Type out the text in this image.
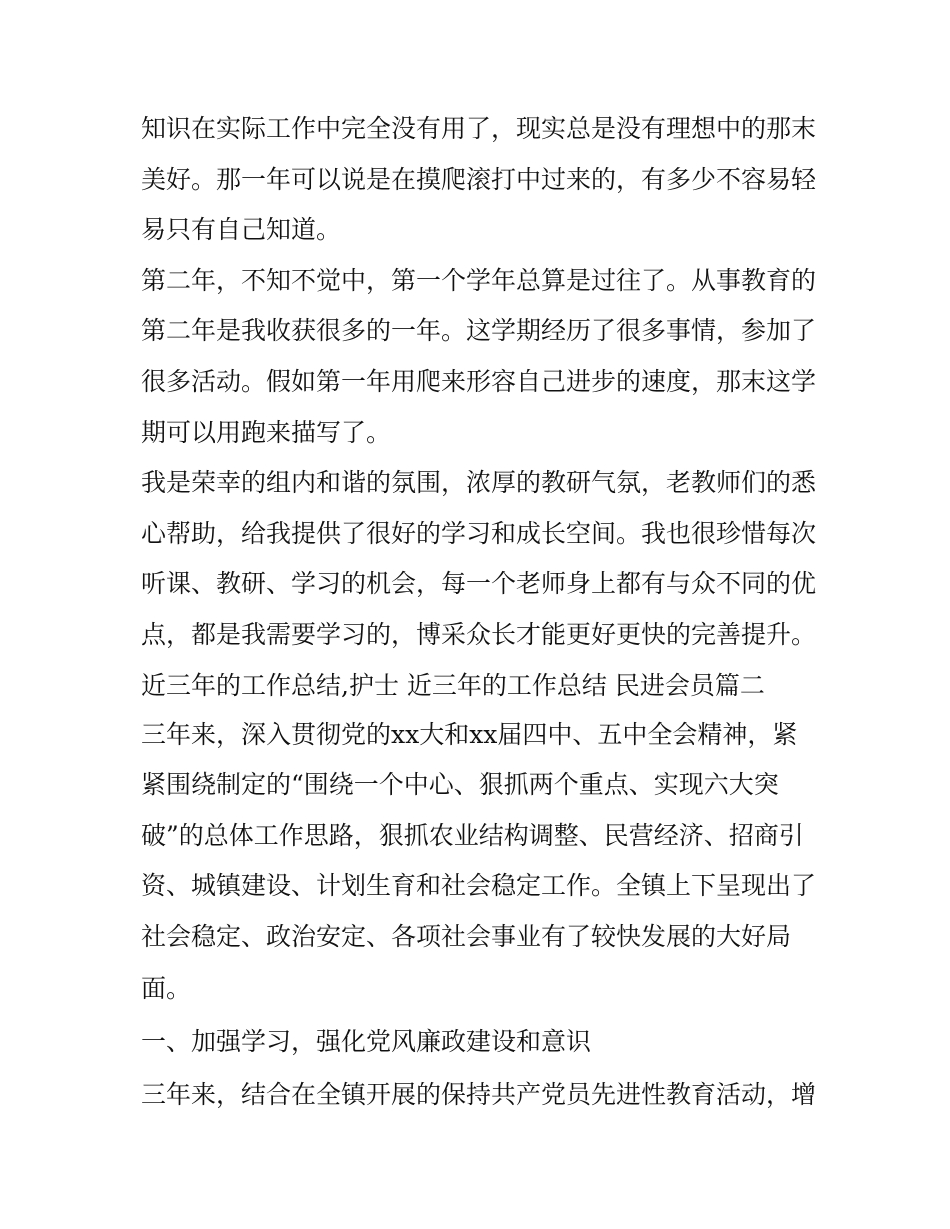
知识在实际工作中完全没有用了，现实总是没有理想中的那末
美好。那一年可以说是在摸爬滚打中过来的，有多少不容易轻
易只有自己知道。
第二年，不知不觉中，第一个学年总算是过往了。从事教育的
第二年是我收获很多的一年。这学期经历了很多事情，参加了
很多活动。假如第一年用爬来形容自己进步的速度，那末这学
期可以用跑来描写了。
我是荣幸的组内和谐的氛围，浓厚的教研气氛，老教师们的悉
心帮助，给我提供了很好的学习和成长空间。我也很珍惜每次
听课、教研、学习的机会，每一个老师身上都有与众不同的优
点，都是我需要学习的，博采众长才能更好更快的完善提升。
近三年的工作总结,护士 近三年的工作总结 民进会员篇二
三年来，深入贯彻党的xx大和xx届四中、五中全会精神，紧
紧围绕制定的“围绕一个中心、狠抓两个重点、实现六大突
破”的总体工作思路，狠抓农业结构调整、民营经济、招商引
资、城镇建设、计划生育和社会稳定工作。全镇上下呈现出了
社会稳定、政治安定、各项社会事业有了较快发展的大好局
面。
一、加强学习，强化党风廉政建设和意识
三年来，结合在全镇开展的保持共产党员先进性教育活动，增
